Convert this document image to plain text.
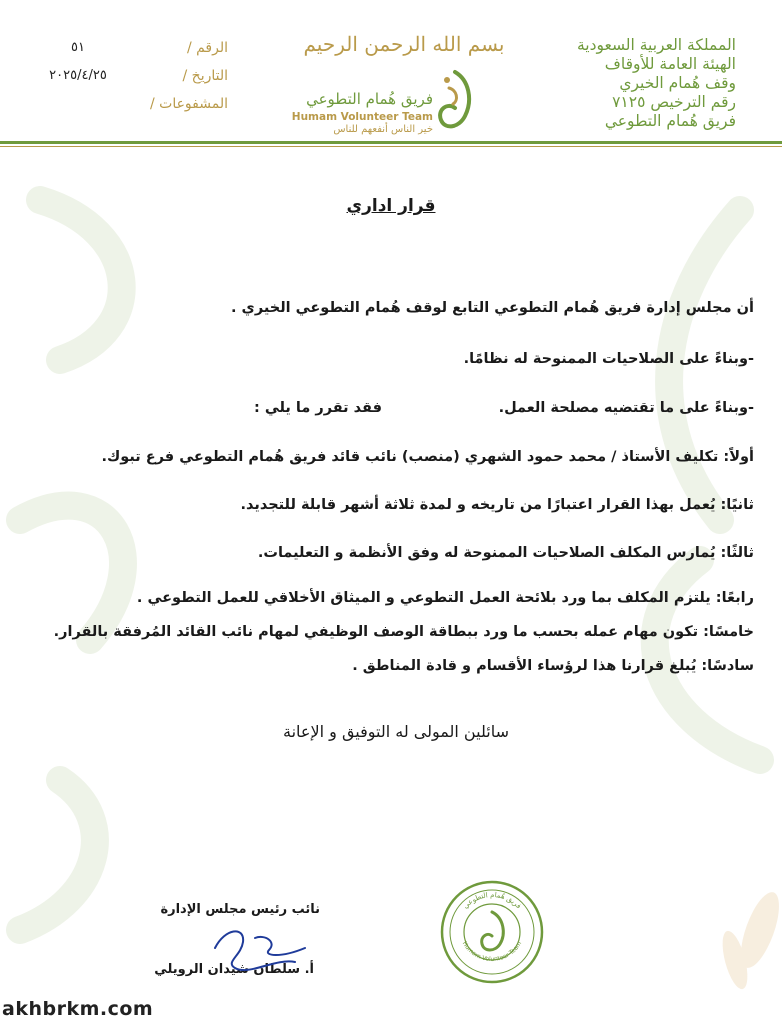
المملكة العربية السعودية
الهيئة العامة للأوقاف
وقف هُمام الخيري
رقم الترخيص ٧١٢٥
فريق هُمام التطوعي
بسم الله الرحمن الرحيم
فريق هُمام التطوعي
Humam Volunteer Team
خير الناس أنفعهم للناس
الرقم /
٥١
التاريخ /
٢٠٢٥/٤/٢٥
المشفوعات /
قرار اداري
أن مجلس إدارة فريق هُمام التطوعي التابع لوقف هُمام التطوعي الخيري .
-وبناءً على الصلاحيات الممنوحة له نظامًا.
-وبناءً على ما تقتضيه مصلحة العمل.
فقد تقرر ما يلي :
أولاً: تكليف الأستاذ / محمد حمود الشهري (منصب) نائب قائد فريق هُمام التطوعي فرع تبوك.
ثانيًا: يُعمل بهذا القرار اعتبارًا من تاريخه و لمدة ثلاثة أشهر قابلة للتجديد.
ثالثًا: يُمارس المكلف الصلاحيات الممنوحة له وفق الأنظمة و التعليمات.
رابعًا: يلتزم المكلف بما ورد بلائحة العمل التطوعي و الميثاق الأخلاقي للعمل التطوعي .
خامسًا: تكون مهام عمله بحسب ما ورد ببطاقة الوصف الوظيفي لمهام نائب القائد المُرفقة بالقرار.
سادسًا: يُبلغ قرارنا هذا لرؤساء الأقسام و قادة المناطق .
سائلين المولى له التوفيق و الإعانة
نائب رئيس مجلس الإدارة
أ. سلطان شيدان الرويلي
فريق هُمام التطوعي
Humam Volunteer Team
akhbrkm.com
